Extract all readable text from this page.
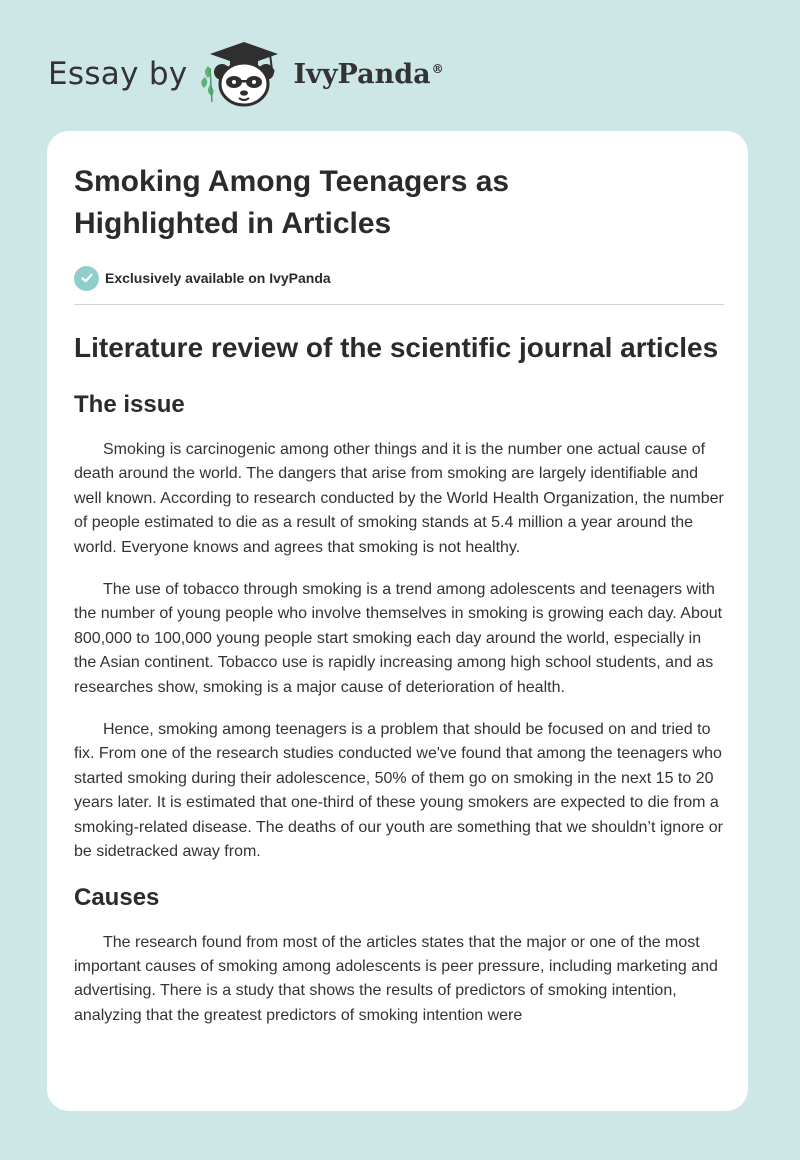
Essay by	IvyPanda®
Smoking Among Teenagers as Highlighted in Articles
Exclusively available on IvyPanda
Literature review of the scientific journal articles
The issue

Smoking is carcinogenic among other things and it is the number one actual cause of death around the world. The dangers that arise from smoking are largely identifiable and well known. According to research conducted by the World Health Organization, the number of people estimated to die as a result of smoking stands at 5.4 million a year around the world. Everyone knows and agrees that smoking is not healthy.

The use of tobacco through smoking is a trend among adolescents and teenagers with the number of young people who involve themselves in smoking is growing each day. About 800,000 to 100,000 young people start smoking each day around the world, especially in the Asian continent. Tobacco use is rapidly increasing among high school students, and as researches show, smoking is a major cause of deterioration of health.

Hence, smoking among teenagers is a problem that should be focused on and tried to fix. From one of the research studies conducted we've found that among the teenagers who started smoking during their adolescence, 50% of them go on smoking in the next 15 to 20 years later. It is estimated that one-third of these young smokers are expected to die from a smoking-related disease. The deaths of our youth are something that we shouldn’t ignore or be sidetracked away from.

Causes

The research found from most of the articles states that the major or one of the most important causes of smoking among adolescents is peer pressure, including marketing and advertising. There is a study that shows the results of predictors of smoking intention, analyzing that the greatest predictors of smoking intention were
